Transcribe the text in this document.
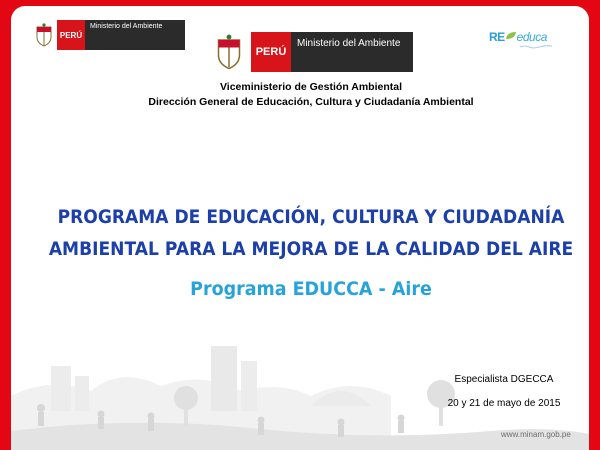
PERÚ
Ministerio del Ambiente
PERÚ
Ministerio del Ambiente	RE educa
Viceministerio de Gestión Ambiental
Dirección General de Educación, Cultura y Ciudadanía Ambiental
PROGRAMA DE EDUCACIÓN, CULTURA Y CIUDADANÍA
AMBIENTAL PARA LA MEJORA DE LA CALIDAD DEL AIRE
Programa EDUCCA - Aire
Especialista DGECCA
20 y 21 de mayo de 2015
www.minam.gob.pe
